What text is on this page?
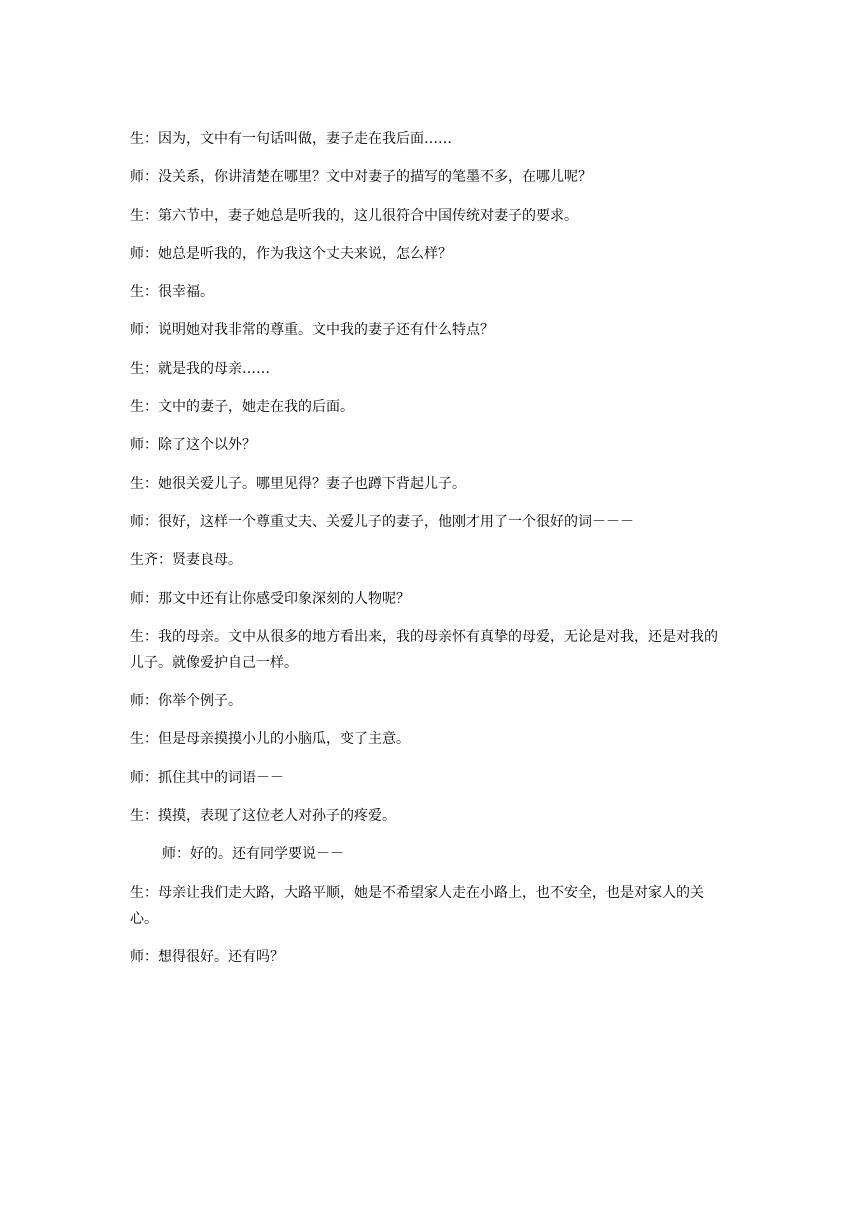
生：因为，文中有一句话叫做，妻子走在我后面……

师：没关系，你讲清楚在哪里？文中对妻子的描写的笔墨不多，在哪儿呢？

生：第六节中，妻子她总是听我的，这儿很符合中国传统对妻子的要求。

师：她总是听我的，作为我这个丈夫来说，怎么样？

生：很幸福。

师：说明她对我非常的尊重。文中我的妻子还有什么特点？

生：就是我的母亲……

生：文中的妻子，她走在我的后面。

师：除了这个以外？

生：她很关爱儿子。哪里见得？妻子也蹲下背起儿子。

师：很好，这样一个尊重丈夫、关爱儿子的妻子，他刚才用了一个很好的词－－－

生齐：贤妻良母。

师：那文中还有让你感受印象深刻的人物呢？

生：我的母亲。文中从很多的地方看出来，我的母亲怀有真挚的母爱，无论是对我，还是对我的儿子。就像爱护自己一样。

师：你举个例子。

生：但是母亲摸摸小儿的小脑瓜，变了主意。

师：抓住其中的词语－－

生：摸摸，表现了这位老人对孙子的疼爱。

师：好的。还有同学要说－－

生：母亲让我们走大路，大路平顺，她是不希望家人走在小路上，也不安全，也是对家人的关心。

师：想得很好。还有吗？
